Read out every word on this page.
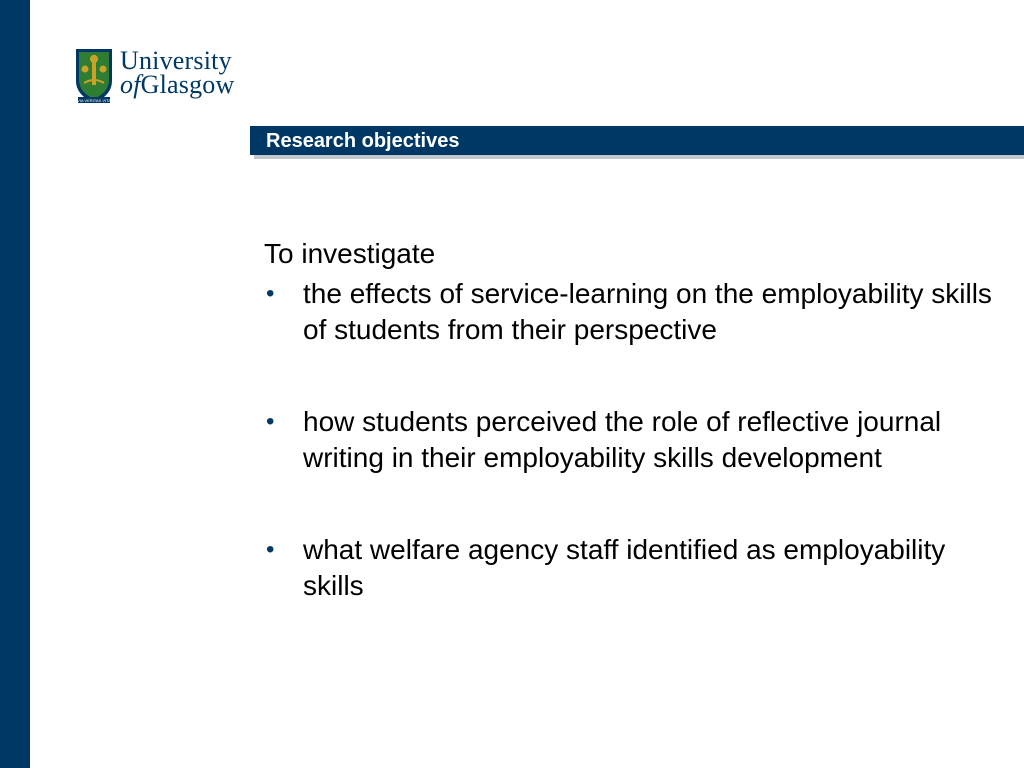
VIA VERITAS VITA
University
ofGlasgow
Research objectives
To investigate
• the effects of service-learning on the employability skills of students from their perspective
• how students perceived the role of reflective journal writing in their employability skills development
• what welfare agency staff identified as employability skills
